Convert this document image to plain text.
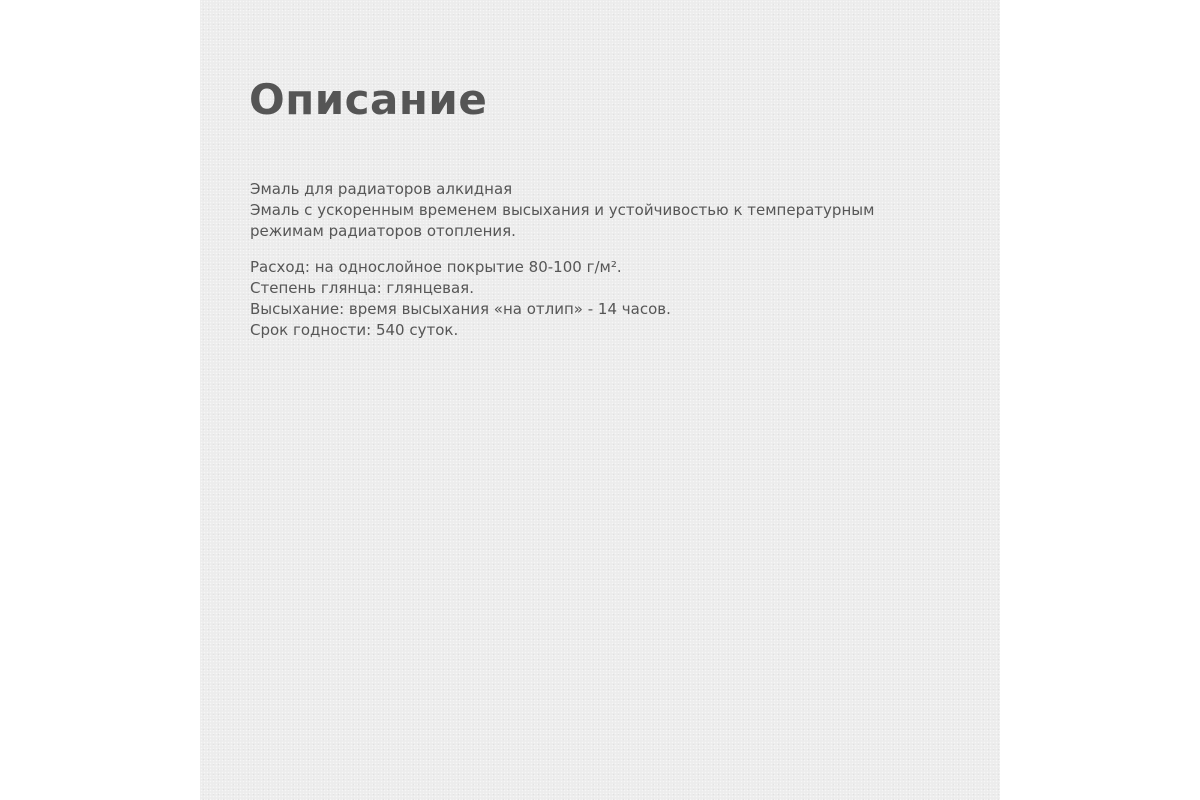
Описание

Эмаль для радиаторов алкидная

Эмаль с ускоренным временем высыхания и устойчивостью к температурным

режимам радиаторов отопления.

Расход: на однослойное покрытие 80-100 г/м².

Степень глянца: глянцевая.

Высыхание: время высыхания «на отлип» - 14 часов.

Срок годности: 540 суток.
